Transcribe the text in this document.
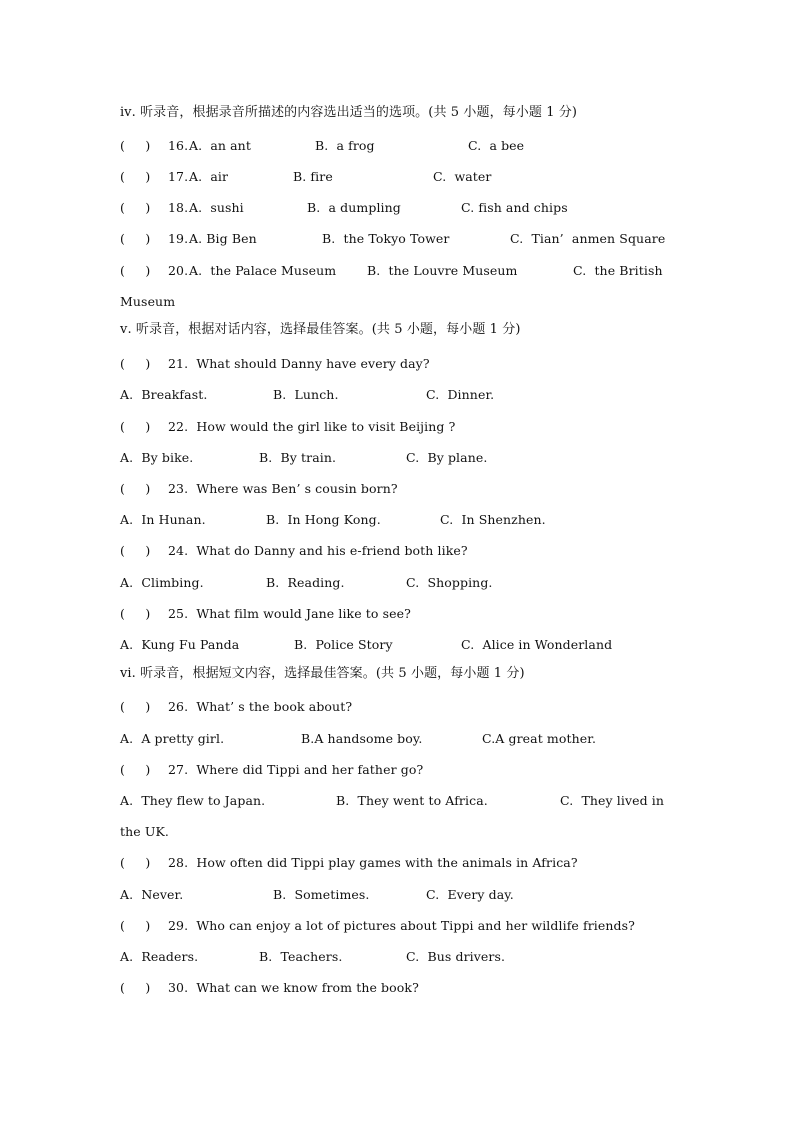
ⅳ. 听录音，根据录音所描述的内容选出适当的选项。(共 5 小题，每小题 1 分)

(     )

16.

A.  an ant

	B.  a frog

	C.  a bee

(     )

17.

A.  air

	B. fire

	C.  water

(     )

18.

A.  sushi

	B.  a dumpling

	C. fish and chips

(     )

19.

A. Big Ben

	B.  the Tokyo Tower

	C.  Tian’  anmen Square

(     )

20.

A.  the Palace Museum

B.  the Louvre Museum

	C.  the British

Museum
ⅴ. 听录音，根据对话内容，选择最佳答案。(共 5 小题，每小题 1 分)

(     )

21.  What should Danny have every day?

A.  Breakfast.

	B.  Lunch.

	C.  Dinner.

(     )

22.  How would the girl like to visit Beijing ?

A.  By bike.

	B.  By train.

	C.  By plane.

(     )

23.  Where was Ben’ s cousin born?

A.  In Hunan.

	B.  In Hong Kong.

	C.  In Shenzhen.

(     )

24.  What do Danny and his e-friend both like?

A.  Climbing.

	B.  Reading.

	C.  Shopping.

(     )

25.  What film would Jane like to see?

A.  Kung Fu Panda

	B.  Police Story

	C.  Alice in Wonderland

ⅵ. 听录音，根据短文内容，选择最佳答案。(共 5 小题，每小题 1 分)

(     )

26.  What’ s the book about?

A.  A pretty girl.

	B.A handsome boy.

	C.A great mother.

(     )

27.  Where did Tippi and her father go?

A.  They flew to Japan.

	B.  They went to Africa.

	C.  They lived in

the UK.

(     )

28.  How often did Tippi play games with the animals in Africa?

A.  Never.

	B.  Sometimes.

	C.  Every day.

(     )

29.  Who can enjoy a lot of pictures about Tippi and her wildlife friends?

A.  Readers.

	B.  Teachers.

	C.  Bus drivers.

(     )

30.  What can we know from the book?
